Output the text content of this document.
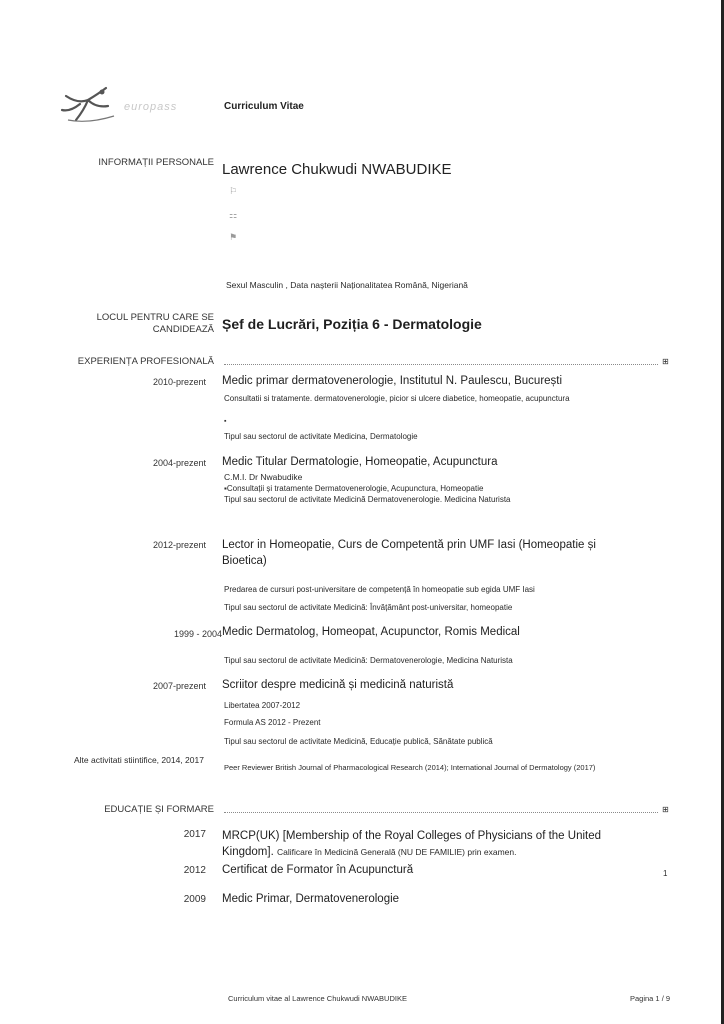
europass	Curriculum Vitae
INFORMAȚII PERSONALE Lawrence Chukwudi NWABUDIKE
⚐
⚏
⚑
Sexul Masculin , Data nașterii Naționalitatea Română, Nigeriană
LOCUL PENTRU CARE SE CANDIDEAZĂ Șef de Lucrări, Poziția 6 - Dermatologie
EXPERIENȚA PROFESIONALĂ	⊞
2010-prezent Medic primar dermatovenerologie, Institutul N. Paulescu, București
Consultatii si tratamente. dermatovenerologie, picior si ulcere diabetice, homeopatie, acupunctura
▪
Tipul sau sectorul de activitate Medicina, Dermatologie
2004-prezent Medic Titular Dermatologie, Homeopatie, Acupunctura
C.M.I. Dr Nwabudike
▪Consultații și tratamente Dermatovenerologie, Acupunctura, Homeopatie
Tipul sau sectorul de activitate Medicină Dermatovenerologie. Medicina Naturista
2012-prezent Lector in Homeopatie, Curs de Competentă prin UMF Iasi (Homeopatie și Bioetica)
Predarea de cursuri post-universitare de competență în homeopatie sub egida UMF Iasi
Tipul sau sectorul de activitate Medicină: Învățământ post-universitar, homeopatie
1999 - 2004 Medic Dermatolog, Homeopat, Acupunctor, Romis Medical
Tipul sau sectorul de activitate Medicină: Dermatovenerologie, Medicina Naturista
2007-prezent Scriitor despre medicină și medicină naturistă
Libertatea 2007-2012
Formula AS 2012 - Prezent
Tipul sau sectorul de activitate Medicină, Educație publică, Sănătate publică
Alte activitati stiintifice, 2014, 2017
Peer Reviewer British Journal of Pharmacological Research (2014); International Journal of Dermatology (2017)
EDUCAȚIE ȘI FORMARE	⊞
2017 MRCP(UK) [Membership of the Royal Colleges of Physicians of the United Kingdom]. Calificare în Medicină Generală (NU DE FAMILIE) prin examen.
2012 Certificat de Formator în Acupunctură	1
2009 Medic Primar, Dermatovenerologie
Curriculum vitae al Lawrence Chukwudi NWABUDIKE	Pagina 1 / 9
